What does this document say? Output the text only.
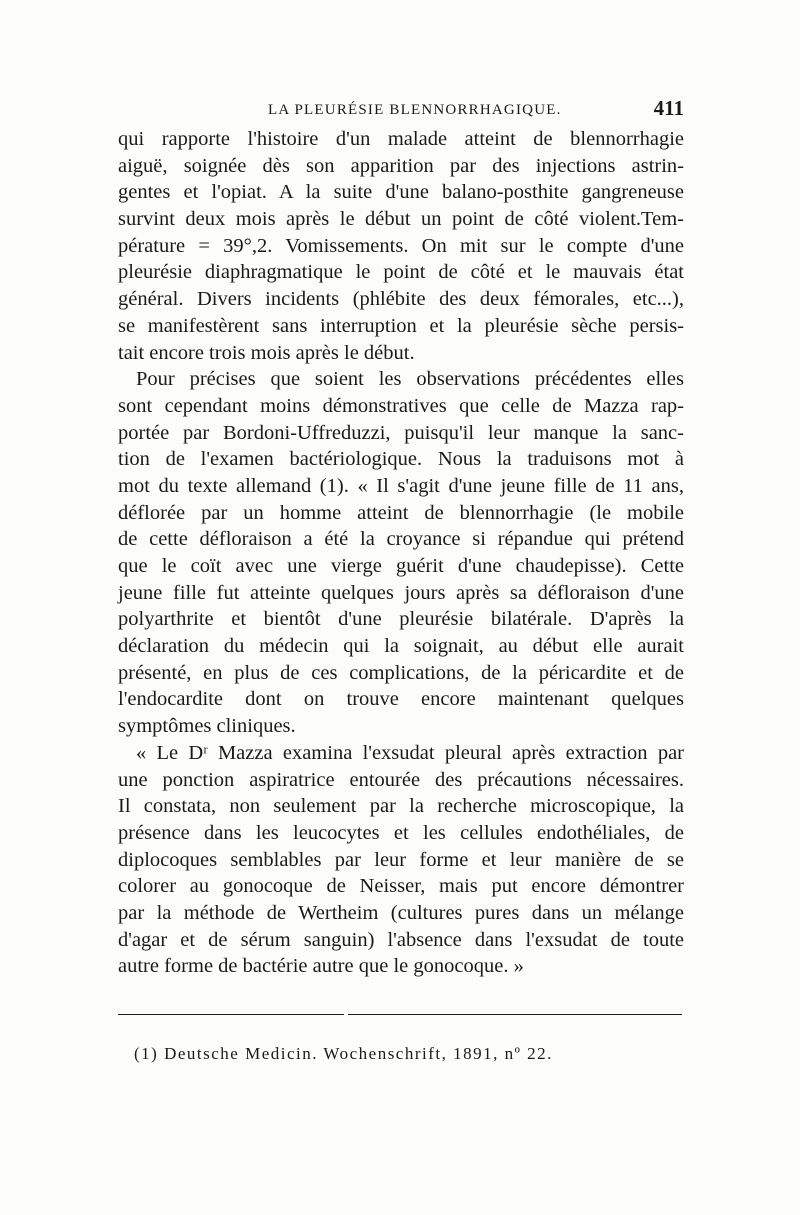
LA PLEURÉSIE BLENNORRHAGIQUE.	411
qui rapporte l'histoire d'un malade atteint de blennorrhagie
aiguë, soignée dès son apparition par des injections astrin-
gentes et l'opiat. A la suite d'une balano-posthite gangreneuse
survint deux mois après le début un point de côté violent.Tem-
pérature = 39°,2. Vomissements. On mit sur le compte d'une
pleurésie diaphragmatique le point de côté et le mauvais état
général. Divers incidents (phlébite des deux fémorales, etc...),
se manifestèrent sans interruption et la pleurésie sèche persis-
tait encore trois mois après le début.
Pour précises que soient les observations précédentes elles
sont cependant moins démonstratives que celle de Mazza rap-
portée par Bordoni-Uffreduzzi, puisqu'il leur manque la sanc-
tion de l'examen bactériologique. Nous la traduisons mot à
mot du texte allemand (1). « Il s'agit d'une jeune fille de 11 ans,
déflorée par un homme atteint de blennorrhagie (le mobile
de cette défloraison a été la croyance si répandue qui prétend
que le coït avec une vierge guérit d'une chaudepisse). Cette
jeune fille fut atteinte quelques jours après sa défloraison d'une
polyarthrite et bientôt d'une pleurésie bilatérale. D'après la
déclaration du médecin qui la soignait, au début elle aurait
présenté, en plus de ces complications, de la péricardite et de
l'endocardite dont on trouve encore maintenant quelques
symptômes cliniques.
« Le Dʳ Mazza examina l'exsudat pleural après extraction par
une ponction aspiratrice entourée des précautions nécessaires.
Il constata, non seulement par la recherche microscopique, la
présence dans les leucocytes et les cellules endothéliales, de
diplocoques semblables par leur forme et leur manière de se
colorer au gonocoque de Neisser, mais put encore démontrer
par la méthode de Wertheim (cultures pures dans un mélange
d'agar et de sérum sanguin) l'absence dans l'exsudat de toute
autre forme de bactérie autre que le gonocoque. »
(1) Deutsche Medicin. Wochenschrift, 1891, nº 22.
